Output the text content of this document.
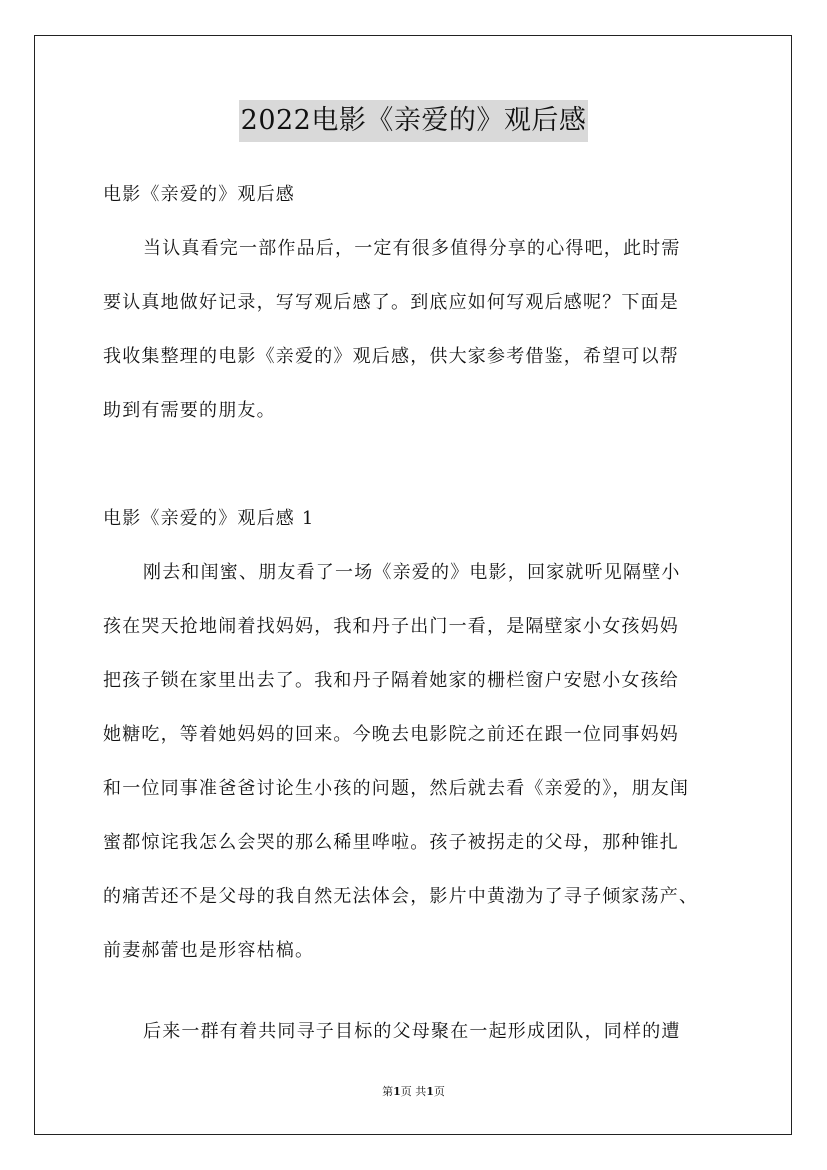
2022电影《亲爱的》观后感
电影《亲爱的》观后感
当认真看完一部作品后，一定有很多值得分享的心得吧，此时需
要认真地做好记录，写写观后感了。到底应如何写观后感呢？下面是
我收集整理的电影《亲爱的》观后感，供大家参考借鉴，希望可以帮
助到有需要的朋友。
电影《亲爱的》观后感 1
刚去和闺蜜、朋友看了一场《亲爱的》电影，回家就听见隔壁小
孩在哭天抢地闹着找妈妈，我和丹子出门一看，是隔壁家小女孩妈妈
把孩子锁在家里出去了。我和丹子隔着她家的栅栏窗户安慰小女孩给
她糖吃，等着她妈妈的回来。今晚去电影院之前还在跟一位同事妈妈
和一位同事准爸爸讨论生小孩的问题，然后就去看《亲爱的》，朋友闺
蜜都惊诧我怎么会哭的那么稀里哗啦。孩子被拐走的父母，那种锥扎
的痛苦还不是父母的我自然无法体会，影片中黄渤为了寻子倾家荡产、
前妻郝蕾也是形容枯槁。
后来一群有着共同寻子目标的父母聚在一起形成团队，同样的遭
第1页 共1页
